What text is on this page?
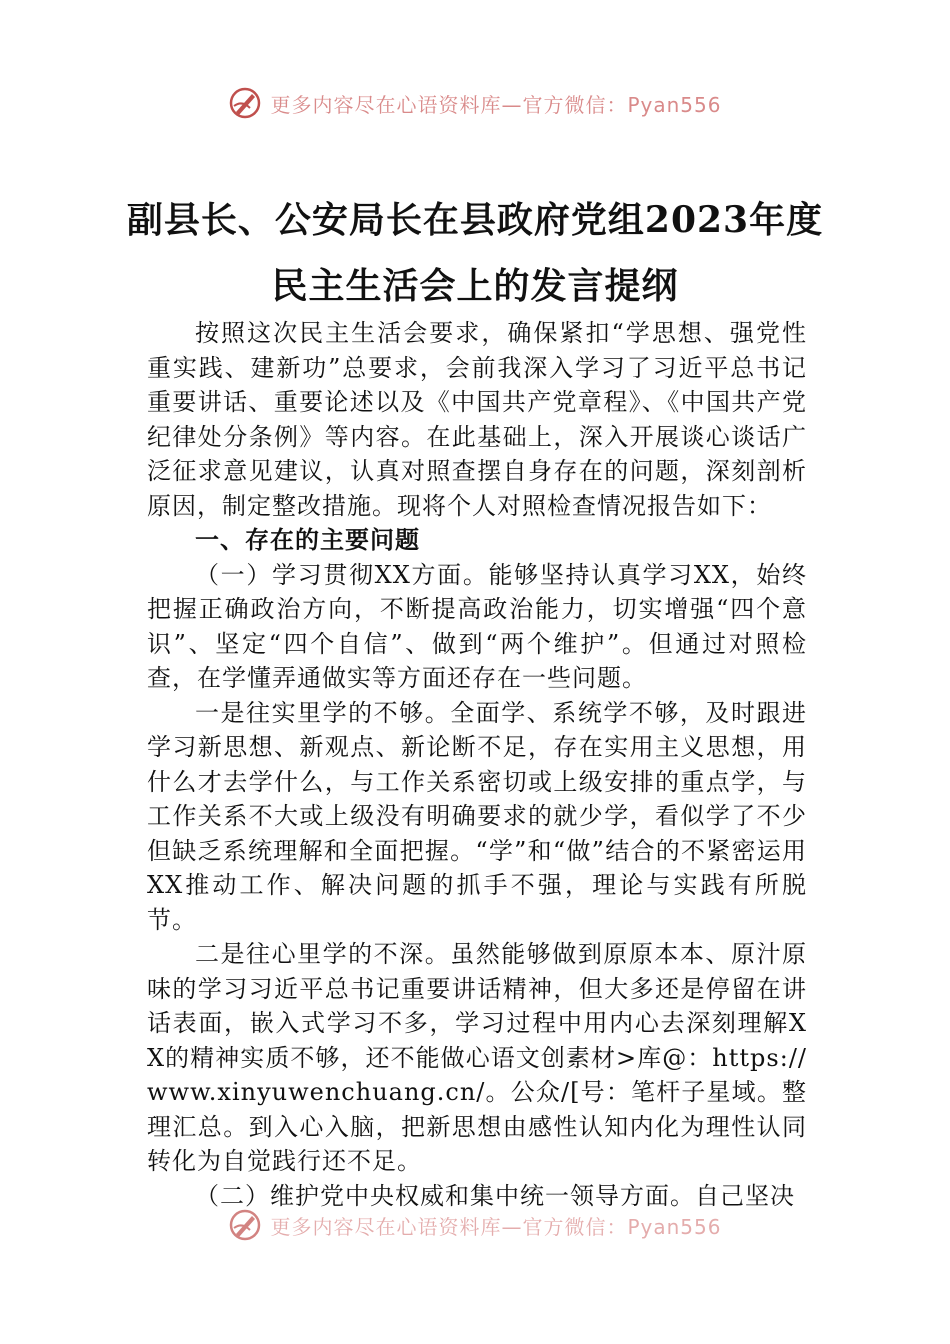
更多内容尽在心语资料库—官方微信：Pyan556
副县长、公安局长在县政府党组2023年度
民主生活会上的发言提纲

按照这次民主生活会要求，确保紧扣“学思想、强党性重实践、建新功”总要求，会前我深入学习了习近平总书记重要讲话、重要论述以及《中国共产党章程》、《中国共产党纪律处分条例》等内容。在此基础上，深入开展谈心谈话广泛征求意见建议，认真对照查摆自身存在的问题，深刻剖析原因，制定整改措施。现将个人对照检查情况报告如下：

一、存在的主要问题

（一）学习贯彻XX方面。能够坚持认真学习XX，始终把握正确政治方向，不断提高政治能力，切实增强“四个意识”、坚定“四个自信”、做到“两个维护”。但通过对照检查，在学懂弄通做实等方面还存在一些问题。

一是往实里学的不够。全面学、系统学不够，及时跟进学习新思想、新观点、新论断不足，存在实用主义思想，用什么才去学什么，与工作关系密切或上级安排的重点学，与工作关系不大或上级没有明确要求的就少学，看似学了不少但缺乏系统理解和全面把握。“学”和“做”结合的不紧密运用XX推动工作、解决问题的抓手不强，理论与实践有所脱节。

二是往心里学的不深。虽然能够做到原原本本、原汁原味的学习习近平总书记重要讲话精神，但大多还是停留在讲话表面，嵌入式学习不多，学习过程中用内心去深刻理解XX的精神实质不够，还不能做心语文创素材>库@：https://www.xinyuwenchuang.cn/。公众/[号：笔杆子星域。整理汇总。到入心入脑，把新思想由感性认知内化为理性认同转化为自觉践行还不足。

（二）维护党中央权威和集中统一领导方面。自己坚决

更多内容尽在心语资料库—官方微信：Pyan556
